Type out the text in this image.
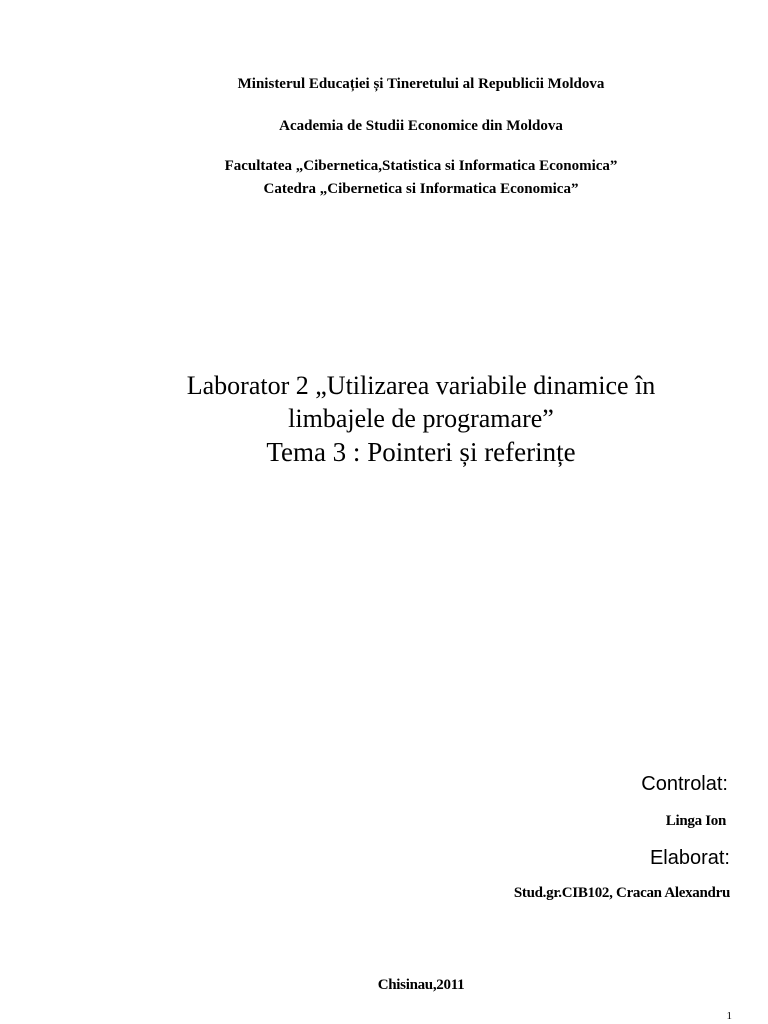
Ministerul Educației și Tineretului al Republicii Moldova
Academia de Studii Economice din Moldova
Facultatea „Cibernetica,Statistica si Informatica Economica”
Catedra „Cibernetica si Informatica Economica”
Laborator 2 „Utilizarea variabile dinamice în
limbajele de programare”
Tema 3 : Pointeri și referințe
Controlat:
Linga Ion
Elaborat:
Stud.gr.CIB102, Cracan Alexandru
Chisinau,2011
1
